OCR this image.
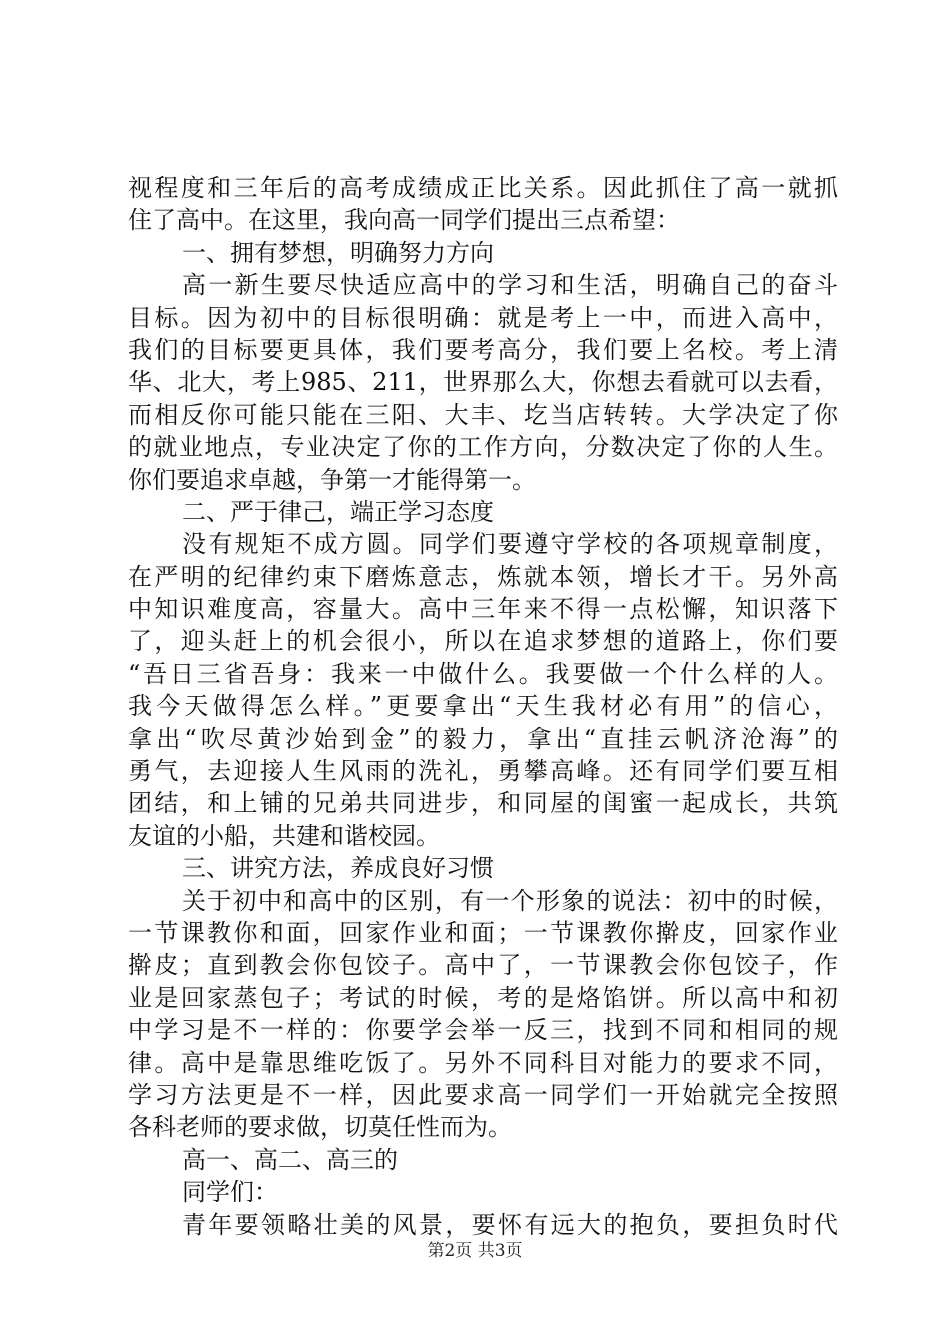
视程度和三年后的高考成绩成正比关系。因此抓住了高一就抓
住了高中。在这里，我向高一同学们提出三点希望：
一、拥有梦想，明确努力方向
高一新生要尽快适应高中的学习和生活，明确自己的奋斗
目标。因为初中的目标很明确：就是考上一中，而进入高中，
我们的目标要更具体，我们要考高分，我们要上名校。考上清
华、北大，考上985、211，世界那么大，你想去看就可以去看，
而相反你可能只能在三阳、大丰、圪当店转转。大学决定了你
的就业地点，专业决定了你的工作方向，分数决定了你的人生。
你们要追求卓越，争第一才能得第一。
二、严于律己，端正学习态度
没有规矩不成方圆。同学们要遵守学校的各项规章制度，
在严明的纪律约束下磨炼意志，炼就本领，增长才干。另外高
中知识难度高，容量大。高中三年来不得一点松懈，知识落下
了，迎头赶上的机会很小，所以在追求梦想的道路上，你们要
“吾日三省吾身：我来一中做什么。我要做一个什么样的人。
我今天做得怎么样。”更要拿出“天生我材必有用”的信心，
拿出“吹尽黄沙始到金”的毅力，拿出“直挂云帆济沧海”的
勇气，去迎接人生风雨的洗礼，勇攀高峰。还有同学们要互相
团结，和上铺的兄弟共同进步，和同屋的闺蜜一起成长，共筑
友谊的小船，共建和谐校园。
三、讲究方法，养成良好习惯
关于初中和高中的区别，有一个形象的说法：初中的时候，
一节课教你和面，回家作业和面；一节课教你擀皮，回家作业
擀皮；直到教会你包饺子。高中了，一节课教会你包饺子，作
业是回家蒸包子；考试的时候，考的是烙馅饼。所以高中和初
中学习是不一样的：你要学会举一反三，找到不同和相同的规
律。高中是靠思维吃饭了。另外不同科目对能力的要求不同，
学习方法更是不一样，因此要求高一同学们一开始就完全按照
各科老师的要求做，切莫任性而为。
高一、高二、高三的
同学们：
青年要领略壮美的风景，要怀有远大的抱负，要担负时代
第2页 共3页
